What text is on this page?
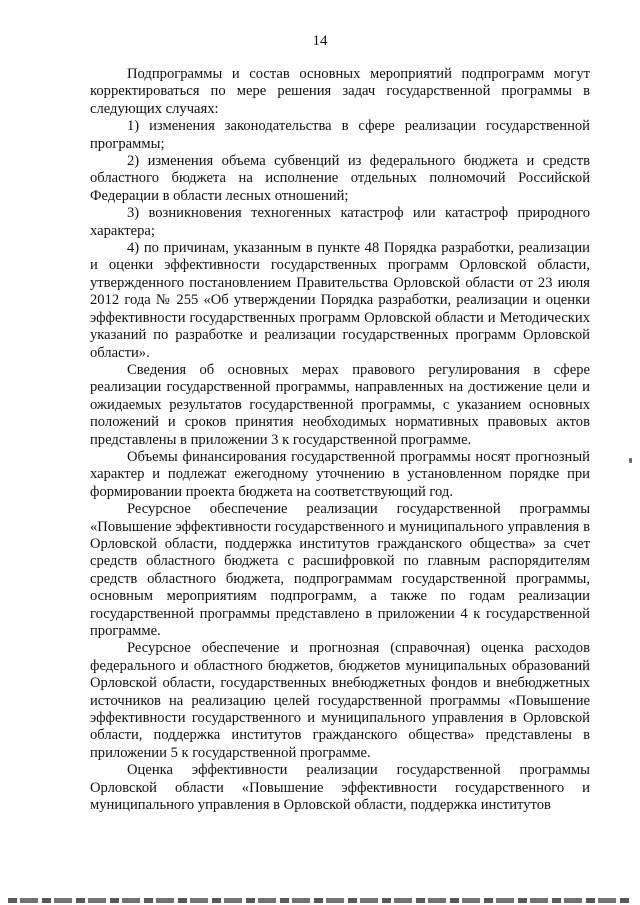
14

Подпрограммы и состав основных мероприятий подпрограмм могут корректироваться по мере решения задач государственной программы в следующих случаях:

1) изменения законодательства в сфере реализации государственной программы;

2) изменения объема субвенций из федерального бюджета и средств областного бюджета на исполнение отдельных полномочий Российской Федерации в области лесных отношений;

3) возникновения техногенных катастроф или катастроф природного характера;

4) по причинам, указанным в пункте 48 Порядка разработки, реализации и оценки эффективности государственных программ Орловской области, утвержденного постановлением Правительства Орловской области от 23 июля 2012 года № 255 «Об утверждении Порядка разработки, реализации и оценки эффективности государственных программ Орловской области и Методических указаний по разработке и реализации государственных программ Орловской области».

Сведения об основных мерах правового регулирования в сфере реализации государственной программы, направленных на достижение цели и ожидаемых результатов государственной программы, с указанием основных положений и сроков принятия необходимых нормативных правовых актов представлены в приложении 3 к государственной программе.

Объемы финансирования государственной программы носят прогнозный характер и подлежат ежегодному уточнению в установленном порядке при формировании проекта бюджета на соответствующий год.

Ресурсное обеспечение реализации государственной программы «Повышение эффективности государственного и муниципального управления в Орловской области, поддержка институтов гражданского общества» за счет средств областного бюджета с расшифровкой по главным распорядителям средств областного бюджета, подпрограммам государственной программы, основным мероприятиям подпрограмм, а также по годам реализации государственной программы представлено в приложении 4 к государственной программе.

Ресурсное обеспечение и прогнозная (справочная) оценка расходов федерального и областного бюджетов, бюджетов муниципальных образований Орловской области, государственных внебюджетных фондов и внебюджетных источников на реализацию целей государственной программы «Повышение эффективности государственного и муниципального управления в Орловской области, поддержка институтов гражданского общества» представлены в приложении 5 к государственной программе.

Оценка эффективности реализации государственной программы Орловской области «Повышение эффективности государственного и муниципального управления в Орловской области, поддержка институтов
